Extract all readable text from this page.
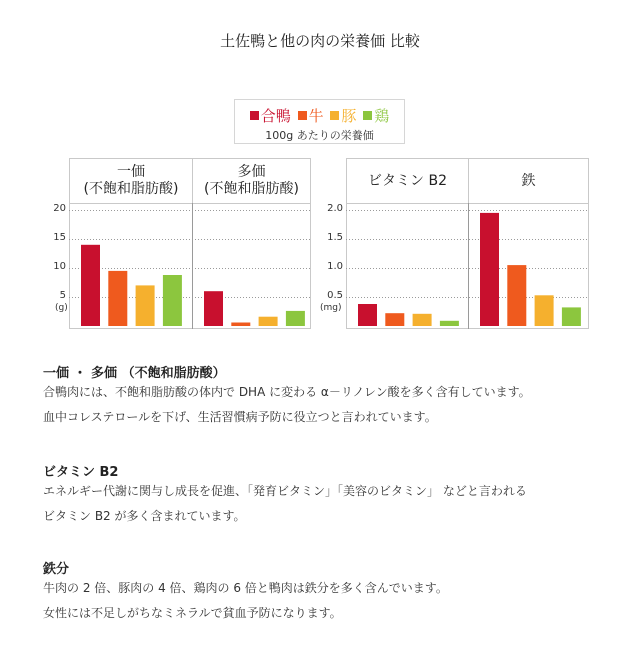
土佐鴨と他の肉の栄養価 比較
合鴨 牛 豚 鶏
100g あたりの栄養価
一価
(不飽和脂肪酸)
多価
(不飽和脂肪酸)	ビタミン B2	鉄
20
15
10
5
(g)
2.0
1.5
1.0
0.5
(mg)
一価 ・ 多価 （不飽和脂肪酸）
合鴨肉には、不飽和脂肪酸の体内で DHA に変わる α－リノレン酸を多く含有しています。
血中コレステロールを下げ、生活習慣病予防に役立つと言われています。
ビタミン B2
エネルギー代謝に関与し成長を促進、「発育ビタミン」「美容のビタミン」 などと言われる
ビタミン B2 が多く含まれています。
鉄分
牛肉の 2 倍、豚肉の 4 倍、鶏肉の 6 倍と鴨肉は鉄分を多く含んでいます。
女性には不足しがちなミネラルで貧血予防になります。
